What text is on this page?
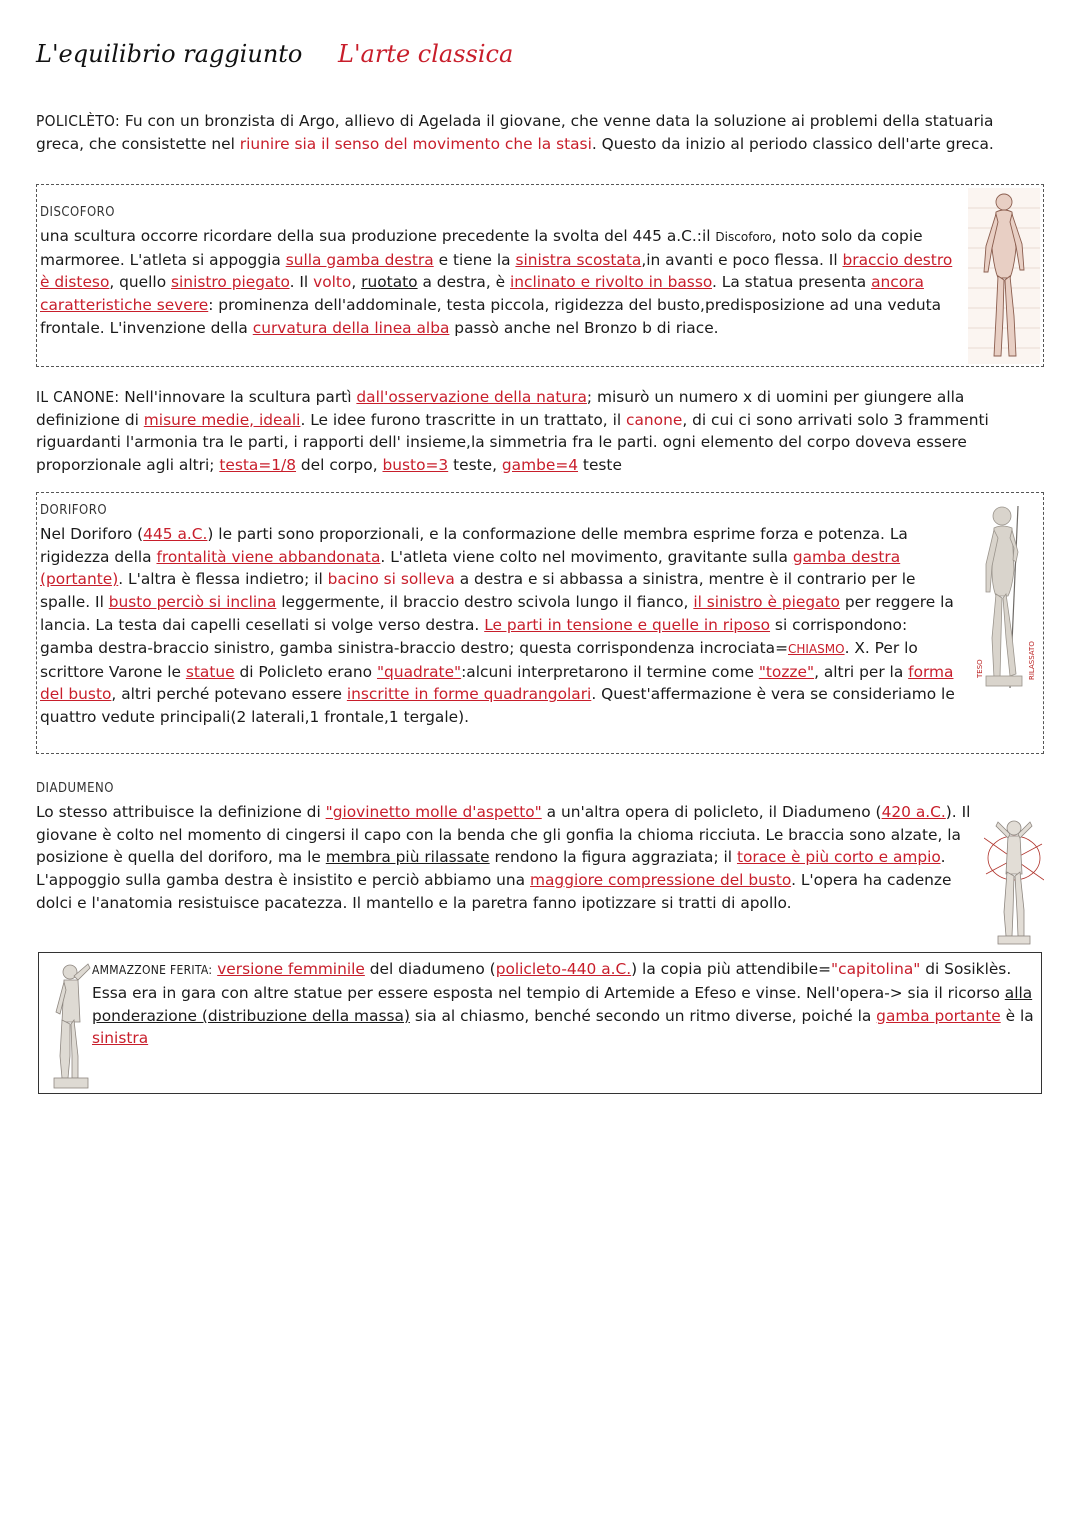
L'equilibrio raggiunto L'arte classica
POLICLÈTO: Fu con un bronzista di Argo, allievo di Agelada il giovane, che venne data la soluzione ai problemi della statuaria greca, che consistette nel riunire sia il senso del movimento che la stasi. Questo da inizio al periodo classico dell'arte greca.
DISCOFORO
una scultura occorre ricordare della sua produzione precedente la svolta del 445 a.C.:il Discoforo, noto solo da copie marmoree. L'atleta si appoggia sulla gamba destra e tiene la sinistra scostata,in avanti e poco flessa. Il braccio destro è disteso, quello sinistro piegato. Il volto, ruotato a destra, è inclinato e rivolto in basso. La statua presenta ancora caratteristiche severe: prominenza dell'addominale, testa piccola, rigidezza del busto,predisposizione ad una veduta frontale. L'invenzione della curvatura della linea alba passò anche nel Bronzo b di riace.
IL CANONE: Nell'innovare la scultura partì dall'osservazione della natura; misurò un numero x di uomini per giungere alla definizione di misure medie, ideali. Le idee furono trascritte in un trattato, il canone, di cui ci sono arrivati solo 3 frammenti riguardanti l'armonia tra le parti, i rapporti dell' insieme,la simmetria fra le parti. ogni elemento del corpo doveva essere proporzionale agli altri; testa=1/8 del corpo, busto=3 teste, gambe=4 teste
DORIFORO
Nel Doriforo (445 a.C.) le parti sono proporzionali, e la conformazione delle membra esprime forza e potenza. La rigidezza della frontalità viene abbandonata. L'atleta viene colto nel movimento, gravitante sulla gamba destra (portante). L'altra è flessa indietro; il bacino si solleva a destra e si abbassa a sinistra, mentre è il contrario per le spalle. Il busto perciò si inclina leggermente, il braccio destro scivola lungo il fianco, il sinistro è piegato per reggere la lancia. La testa dai capelli cesellati si volge verso destra. Le parti in tensione e quelle in riposo si corrispondono: gamba destra-braccio sinistro, gamba sinistra-braccio destro; questa corrispondenza incrociata=CHIASMO. X. Per lo scrittore Varone le statue di Policleto erano "quadrate":alcuni interpretarono il termine come "tozze", altri per la forma del busto, altri perché potevano essere inscritte in forme quadrangolari. Quest'affermazione è vera se consideriamo le quattro vedute principali(2 laterali,1 frontale,1 tergale).
TESO	RILASSATO
DIADUMENO
Lo stesso attribuisce la definizione di "giovinetto molle d'aspetto" a un'altra opera di policleto, il Diadumeno (420 a.C.). Il giovane è colto nel momento di cingersi il capo con la benda che gli gonfia la chioma ricciuta. Le braccia sono alzate, la posizione è quella del doriforo, ma le membra più rilassate rendono la figura aggraziata; il torace è più corto e ampio. L'appoggio sulla gamba destra è insistito e perciò abbiamo una maggiore compressione del busto. L'opera ha cadenze dolci e l'anatomia resistuisce pacatezza. Il mantello e la paretra fanno ipotizzare si tratti di apollo.
AMMAZZONE FERITA: versione femminile del diadumeno (policleto-440 a.C.) la copia più attendibile="capitolina" di Sosiklès. Essa era in gara con altre statue per essere esposta nel tempio di Artemide a Efeso e vinse. Nell'opera-> sia il ricorso alla ponderazione (distribuzione della massa) sia al chiasmo, benché secondo un ritmo diverse, poiché la gamba portante è la sinistra
